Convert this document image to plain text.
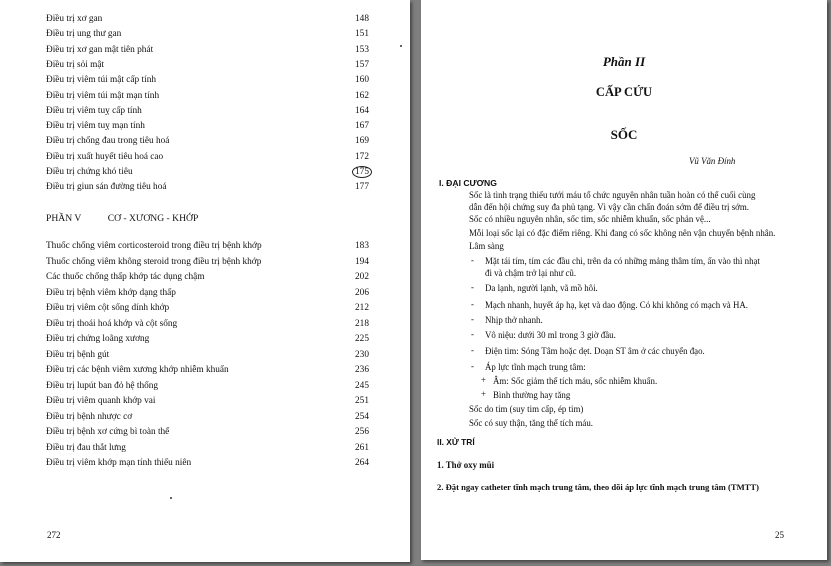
Điều trị xơ gan	148
Điều trị ung thư gan	151
Điều trị xơ gan mật tiên phát	153
Điều trị sỏi mật	157
Điều trị viêm túi mật cấp tính	160
Điều trị viêm túi mật mạn tính	162
Điều trị viêm tuỵ cấp tính	164
Điều trị viêm tuỵ mạn tính	167
Điều trị chống đau trong tiêu hoá	169
Điều trị xuất huyết tiêu hoá cao	172
Điều trị chứng khó tiêu	175
Điều trị giun sán đường tiêu hoá	177
PHẦN V	CƠ - XƯƠNG - KHỚP
Thuốc chống viêm corticosteroid trong điều trị bệnh khớp	183
Thuốc chống viêm không steroid trong điều trị bệnh khớp	194
Các thuốc chống thấp khớp tác dụng chậm	202
Điều trị bệnh viêm khớp dạng thấp	206
Điều trị viêm cột sống dính khớp	212
Điều trị thoái hoá khớp và cột sống	218
Điều trị chứng loãng xương	225
Điều trị bệnh gút	230
Điều trị các bệnh viêm xương khớp nhiễm khuẩn	236
Điều trị lupút ban đỏ hệ thống	245
Điều trị viêm quanh khớp vai	251
Điều trị bệnh nhược cơ	254
Điều trị bệnh xơ cứng bì toàn thể	256
Điều trị đau thắt lưng	261
Điều trị viêm khớp mạn tính thiếu niên	264
272
Phần II
CẤP CỨU
SỐC
Vũ Văn Đính
I. ĐẠI CƯƠNG
Sốc là tình trạng thiếu tưới máu tổ chức nguyên nhân tuần hoàn có thể cuối cùng
dẫn đến hội chứng suy đa phủ tạng. Vì vậy cần chẩn đoán sớm để điều trị sớm.
Sốc có nhiều nguyên nhân, sốc tim, sốc nhiễm khuẩn, sốc phản vệ...
Mỗi loại sốc lại có đặc điểm riêng. Khi đang có sốc không nên vận chuyển bệnh nhân.
Lâm sàng
- Mặt tái tím, tím các đầu chi, trên da có những mảng thâm tím, ấn vào thì nhạt
đi và chậm trở lại như cũ.
- Da lạnh, người lạnh, vã mồ hôi.
- Mạch nhanh, huyết áp hạ, kẹt và dao động. Có khi không có mạch và HA.
- Nhịp thở nhanh.
- Vô niệu: dưới 30 ml trong 3 giờ đầu.
- Điện tim: Sóng Tâm hoặc dẹt. Doạn ST âm ở các chuyển đạo.
- Áp lực tĩnh mạch trung tâm:
+ Âm: Sốc giảm thể tích máu, sốc nhiễm khuẩn.
+ Bình thường hay tăng
Sốc do tim (suy tim cấp, ép tim)
Sốc có suy thận, tăng thể tích máu.
II. XỬ TRÍ
1. Thở oxy mũi
2. Đặt ngay catheter tĩnh mạch trung tâm, theo dõi áp lực tĩnh mạch trung tâm (TMTT)
25
